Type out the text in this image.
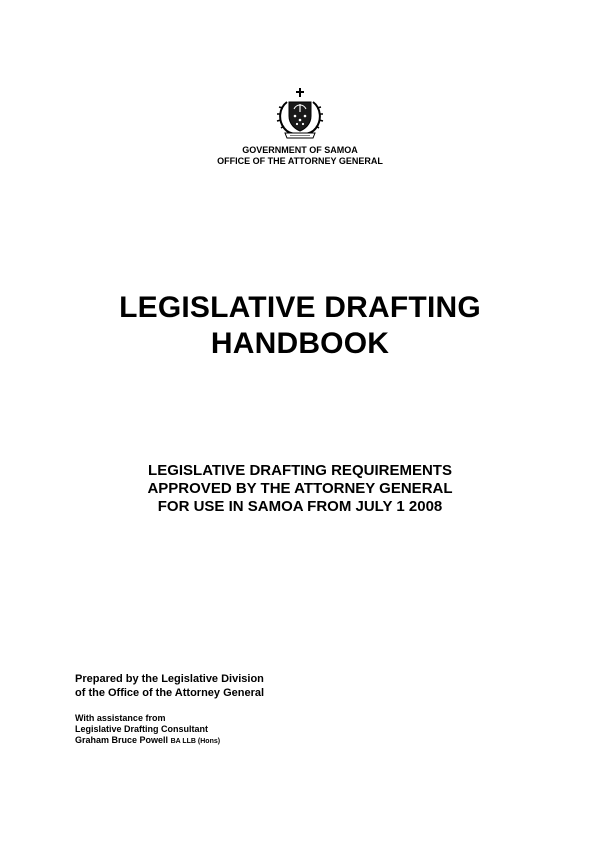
GOVERNMENT OF SAMOA
OFFICE OF THE ATTORNEY GENERAL
LEGISLATIVE DRAFTING
HANDBOOK
LEGISLATIVE DRAFTING REQUIREMENTS
APPROVED BY THE ATTORNEY GENERAL
FOR USE IN SAMOA FROM JULY 1 2008
Prepared by the Legislative Division
of the Office of the Attorney General
With assistance from
Legislative Drafting Consultant
Graham Bruce Powell BA LLB (Hons)
